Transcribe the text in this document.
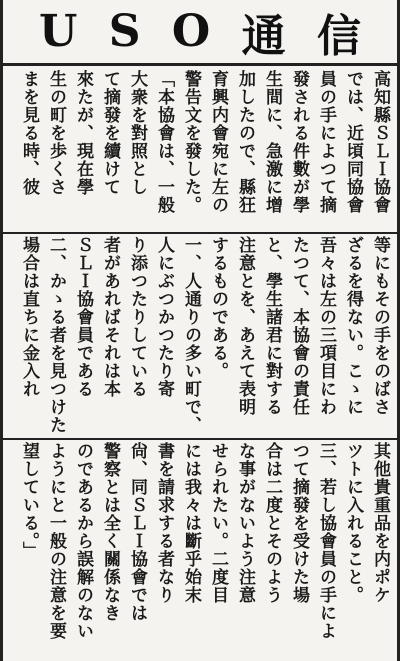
U S O 通 信
高知縣ＳＬＩ協會
では、近頃同協會
員の手によつて摘
發される件數が學
生間に、急激に增
加したので、縣狂
育興内會宛に左の
警告文を發した。
「本協會は、一般
大衆を對照とし
て摘發を續けて
來たが、現在學
生の町を歩くさ
まを見る時、彼
等にもその手をのばさ
ざるを得ない。こゝに
吾々は左の三項目にわ
たつて、本協會の責任
と、學生諸君に對する
注意とを、あえて表明
するものである。
一、人通りの多い町で、
人にぶつかつたり寄
り添つたりしている
者があればそれは本
ＳＬＩ協會員である
二、かゝる者を見つけた
場合は直ちに金入れ
其他貴重品を内ポケ
ツトに入れること。
三、若し協會員の手によ
つて摘發を受けた場
合は二度とそのよう
な事がないよう注意
せられたい。二度目
には我々は斷乎始末
書を請求する者なり
尙、同ＳＬＩ協會では
警察とは全く關係なき
のであるから誤解のない
ようにと一般の注意を要
望している。」
